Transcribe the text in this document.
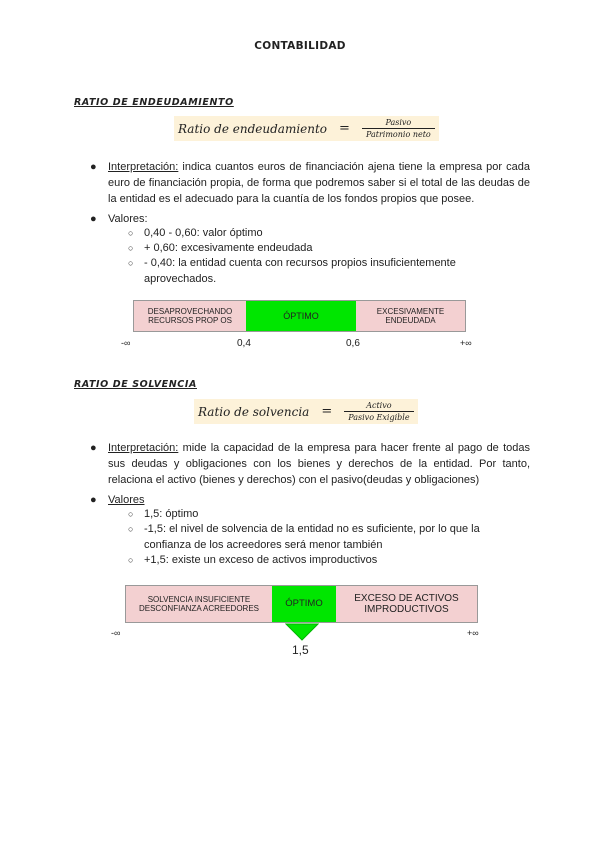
CONTABILIDAD
RATIO DE ENDEUDAMIENTO
Ratio de endeudamiento = $\frac{\text{Pasivo}}{\text{Patrimonio neto}}$
● Interpretación: indica cuantos euros de financiación ajena tiene la empresa por cada euro de financiación propia, de forma que podremos saber si el total de las deudas de la entidad es el adecuado para la cuantía de los fondos propios que posee.
● Valores:
○ 0,40 - 0,60: valor óptimo
○ + 0,60: excesivamente endeudada
○ - 0,40: la entidad cuenta con recursos propios insuficientemente aprovechados.
DESAPROVECHANDO
RECURSOS PROP OS	ÓPTIMO	EXCESIVAMENTE
ENDEUDADA
-∞	0,4	0,6	+∞
RATIO DE SOLVENCIA
Ratio de solvencia = $\frac{\text{Activo}}{\text{Pasivo Exigible}}$
● Interpretación: mide la capacidad de la empresa para hacer frente al pago de todas sus deudas y obligaciones con los bienes y derechos de la entidad. Por tanto, relaciona el activo (bienes y derechos) con el pasivo(deudas y obligaciones)
● Valores
○ 1,5: óptimo
○ -1,5: el nivel de solvencia de la entidad no es suficiente, por lo que la confianza de los acreedores será menor también
○ +1,5: existe un exceso de activos improductivos
SOLVENCIA INSUFICIENTE
DESCONFIANZA ACREEDORES	ÓPTIMO	EXCESO DE ACTIVOS
IMPRODUCTIVOS
-∞
1,5
+∞
